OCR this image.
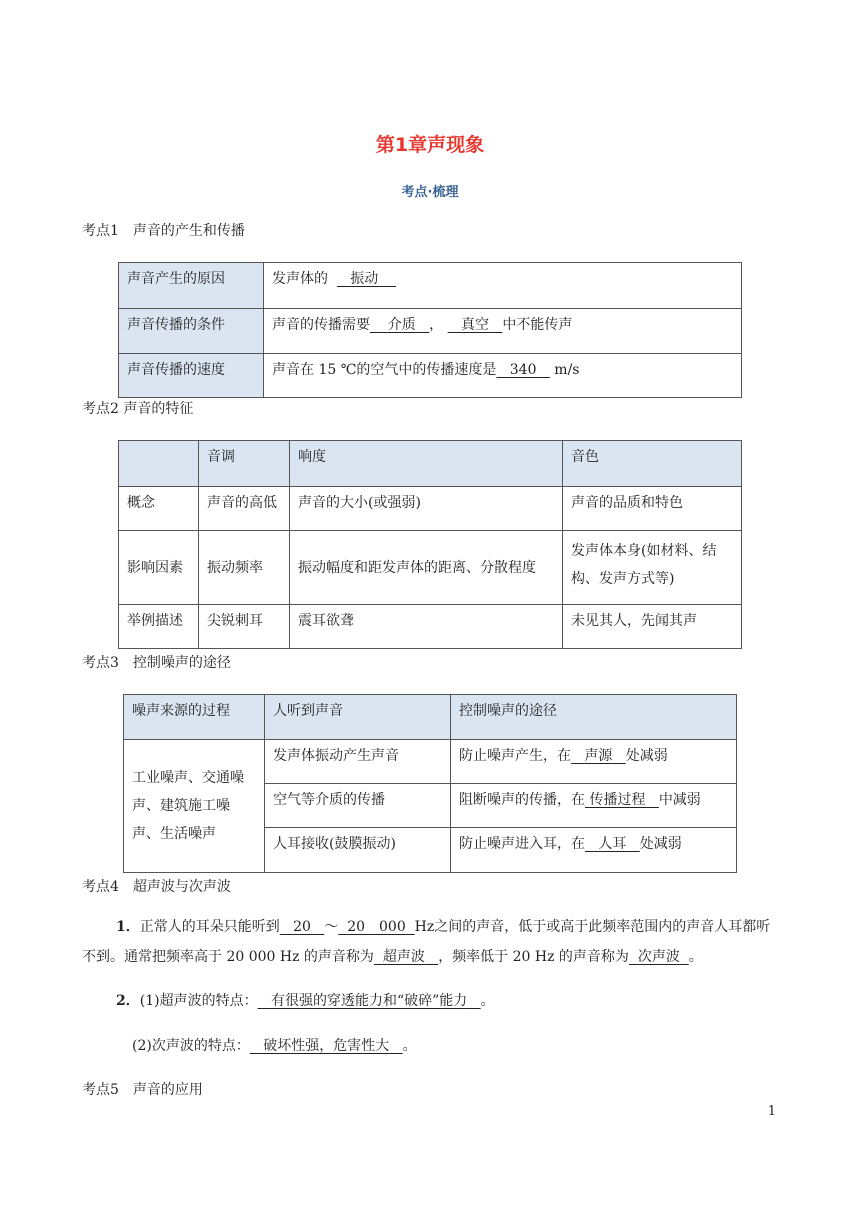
第1章声现象
考点·梳理
考点1　声音的产生和传播
声音产生的原因	发声体的 振动
声音传播的条件	声音的传播需要 介质 ， 真空 中不能传声
声音传播的速度	声音在 15 ℃的空气中的传播速度是 340    m/s
考点2 声音的特征
	音调	响度	音色
概念	声音的高低	声音的大小(或强弱)	声音的品质和特色
影响因素	振动频率	振动幅度和距发声体的距离、分散程度	发声体本身(如材料、结构、发声方式等)
举例描述	尖锐刺耳	震耳欲聋	未见其人，先闻其声
考点3　控制噪声的途径
噪声来源的过程	人听到声音	控制噪声的途径
工业噪声、交通噪声、建筑施工噪声、生活噪声	发声体振动产生声音	防止噪声产生，在 声源 处减弱
	空气等介质的传播	阻断噪声的传播，在 传播过程 中减弱
	人耳接收(鼓膜振动)	防止噪声进入耳，在 人耳 处减弱
考点4　超声波与次声波
1．正常人的耳朵只能听到 20 ～ 20　000 Hz之间的声音，低于或高于此频率范围内的声音人耳都听不到。通常把频率高于 20 000 Hz 的声音称为 超声波 ，频率低于 20 Hz 的声音称为 次声波 。
2．(1)超声波的特点： 有很强的穿透能力和“破碎”能力 。
(2)次声波的特点： 破坏性强，危害性大 。
考点5　声音的应用
1
